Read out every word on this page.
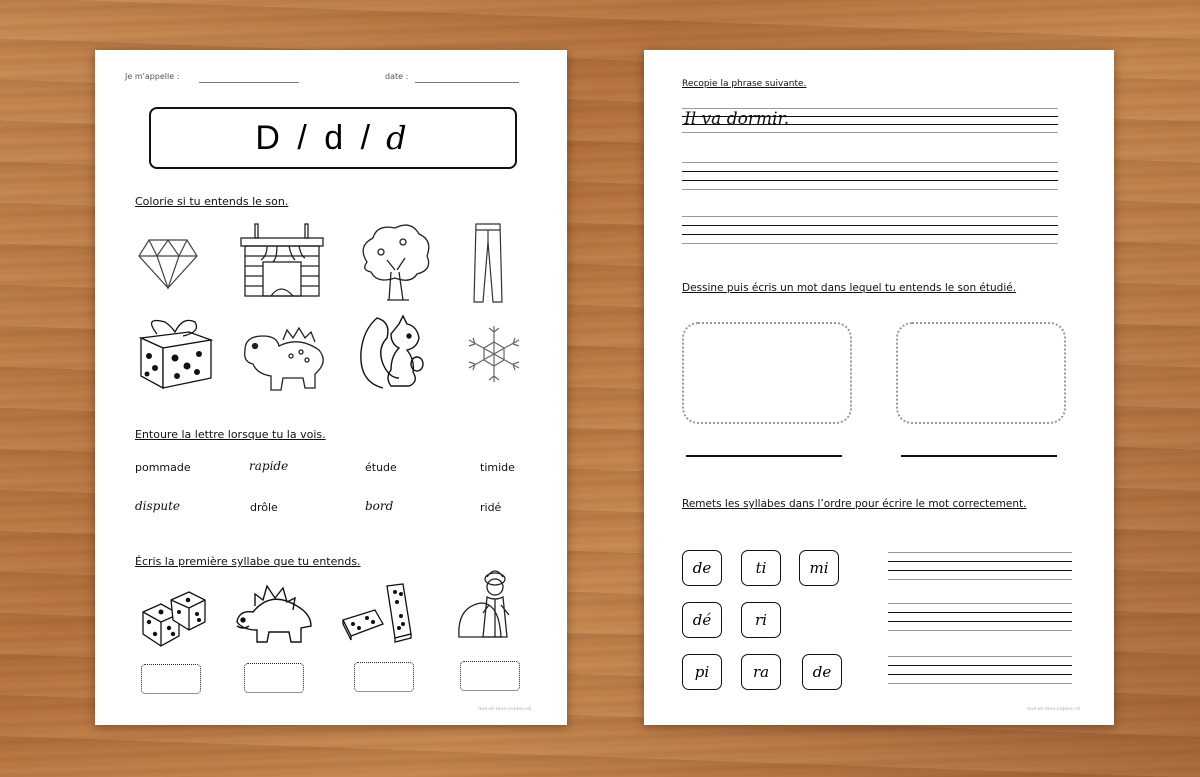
Je m'appelle :	date :
D / d / d
Colorie si tu entends le son.
Entoure la lettre lorsque tu la vois.
pommade	rapide	étude	timide
dispute	drôle	bord	ridé
Écris la première syllabe que tu entends.
moi-et-mes-copies.ch
Recopie la phrase suivante.
Il va dormir.
Dessine puis écris un mot dans lequel tu entends le son étudié.
Remets les syllabes dans l’ordre pour écrire le mot correctement.
de	ti	mi
dé	ri
pi	ra	de
moi-et-mes-copies.ch
